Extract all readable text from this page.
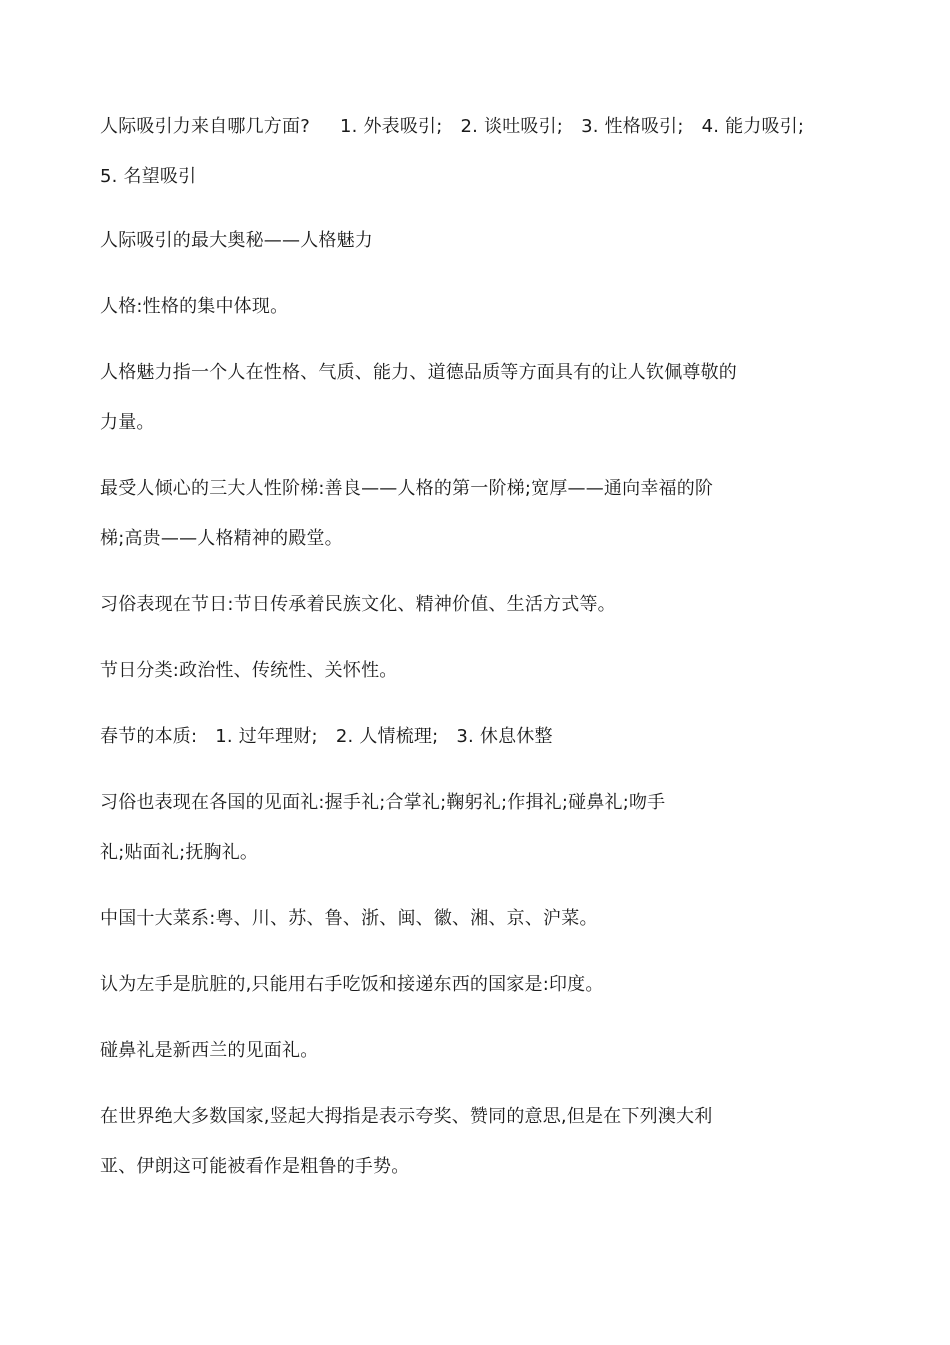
人际吸引力来自哪几方面? 1. 外表吸引; 2. 谈吐吸引; 3. 性格吸引; 4. 能力吸引;
5. 名望吸引
人际吸引的最大奥秘——人格魅力
人格:性格的集中体现。
人格魅力指一个人在性格、气质、能力、道德品质等方面具有的让人钦佩尊敬的
力量。
最受人倾心的三大人性阶梯:善良——人格的第一阶梯;宽厚——通向幸福的阶
梯;高贵——人格精神的殿堂。
习俗表现在节日:节日传承着民族文化、精神价值、生活方式等。
节日分类:政治性、传统性、关怀性。
春节的本质: 1. 过年理财; 2. 人情梳理; 3. 休息休整
习俗也表现在各国的见面礼:握手礼;合掌礼;鞠躬礼;作揖礼;碰鼻礼;吻手
礼;贴面礼;抚胸礼。
中国十大菜系:粤、川、苏、鲁、浙、闽、徽、湘、京、沪菜。
认为左手是肮脏的,只能用右手吃饭和接递东西的国家是:印度。
碰鼻礼是新西兰的见面礼。
在世界绝大多数国家,竖起大拇指是表示夸奖、赞同的意思,但是在下列澳大利
亚、伊朗这可能被看作是粗鲁的手势。
